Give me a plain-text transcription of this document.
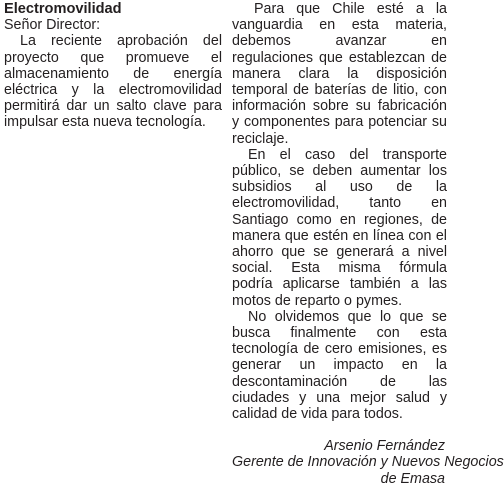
Electromovilidad

Señor Director:

La reciente aprobación del proyecto que promueve el almacenamiento de energía eléctrica y la electromovilidad permitirá dar un salto clave para impulsar esta nueva tecnología.

Para que Chile esté a la vanguardia en esta materia, debemos avanzar en regulaciones que establezcan de manera clara la disposición temporal de baterías de litio, con información sobre su fabricación y componentes para potenciar su reciclaje.

En el caso del transporte público, se deben aumentar los subsidios al uso de la electromovilidad, tanto en Santiago como en regiones, de manera que estén en línea con el ahorro que se generará a nivel social. Esta misma fórmula podría aplicarse también a las motos de reparto o pymes.

No olvidemos que lo que se busca finalmente con esta tecnología de cero emisiones, es generar un impacto en la descontaminación de las ciudades y una mejor salud y calidad de vida para todos.

Arsenio Fernández
Gerente de Innovación y Nuevos Negocios
de Emasa
